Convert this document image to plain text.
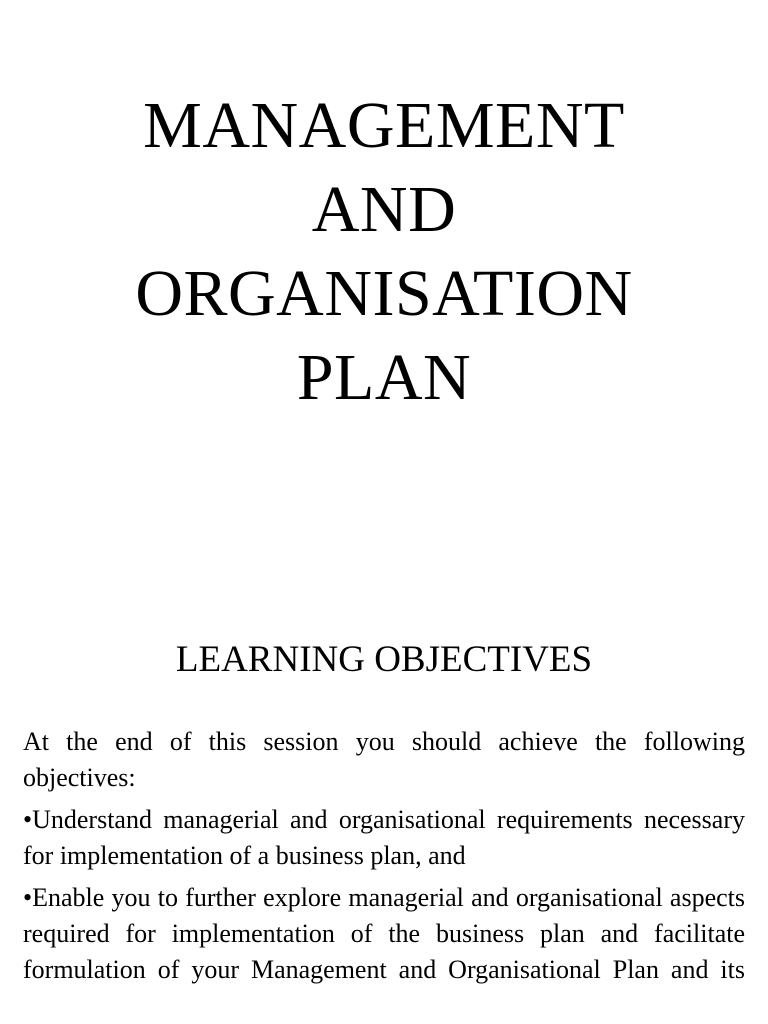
MANAGEMENT
AND
ORGANISATION
PLAN
LEARNING OBJECTIVES

At the end of this session you should achieve the following objectives:

•Understand managerial and organisational requirements necessary for implementation of a business plan, and

•Enable you to further explore managerial and organisational aspects required for implementation of the business plan and facilitate formulation of your Management and Organisational Plan and its
